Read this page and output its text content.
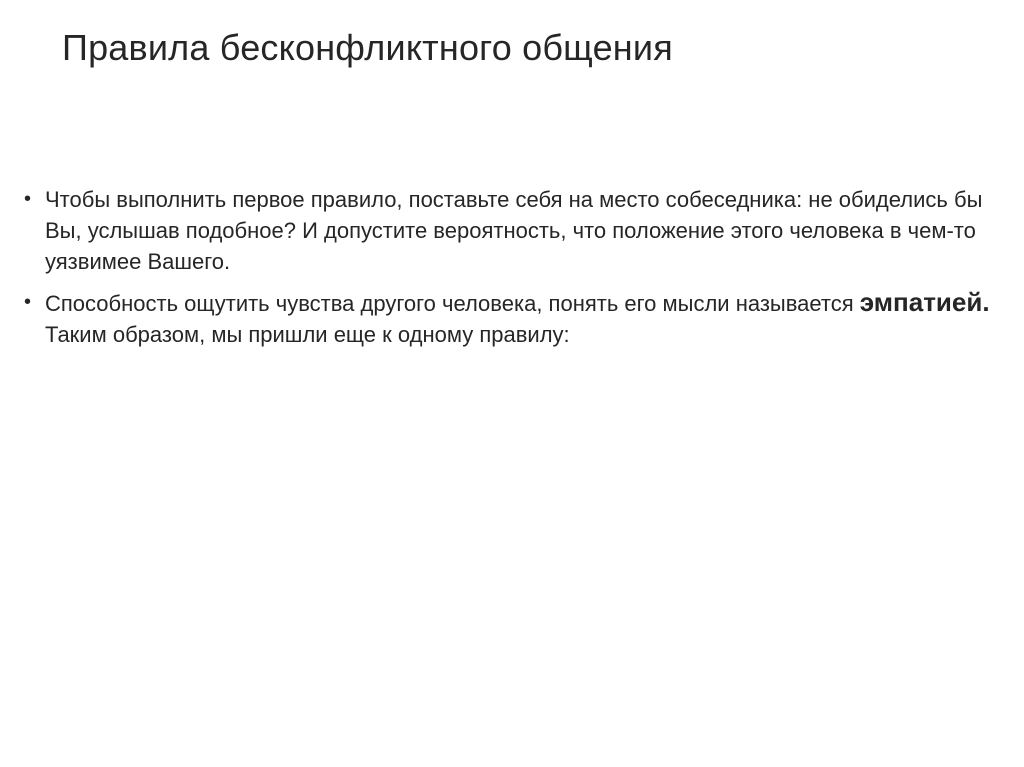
Правила бесконфликтного общения
• Чтобы выполнить первое правило, поставьте себя на место собеседника: не обиделись бы Вы, услышав подобное? И допустите вероятность, что положение этого человека в чем-то уязвимее Вашего.
• Способность ощутить чувства другого человека, понять его мысли называется эмпатией. Таким образом, мы пришли еще к одному правилу:
